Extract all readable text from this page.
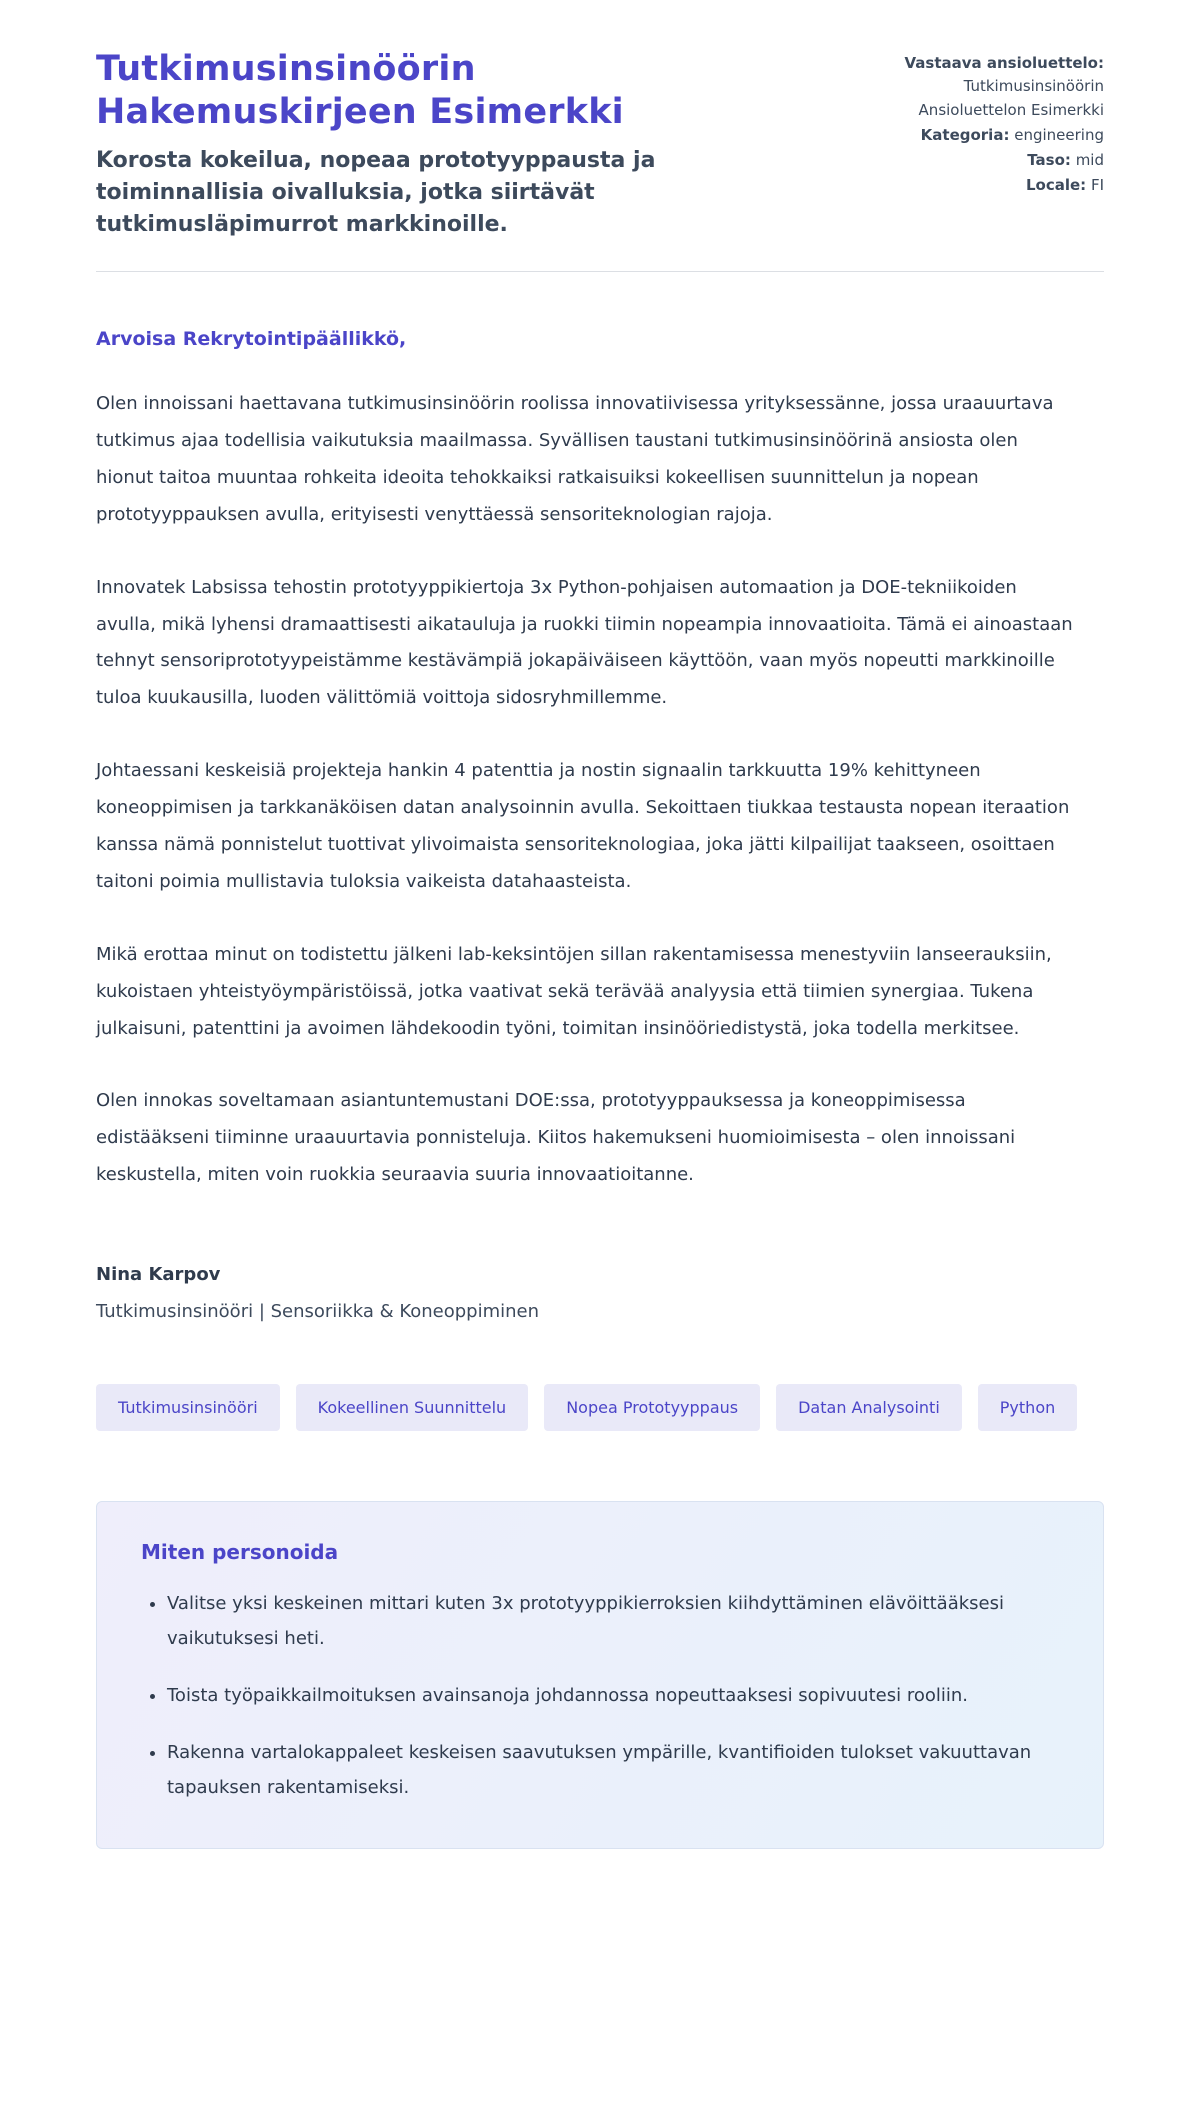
Tutkimusinsinöörin Hakemuskirjeen Esimerkki

Korosta kokeilua, nopeaa prototyyppausta ja toiminnallisia oivalluksia, jotka siirtävät tutkimusläpimurrot markkinoille.

Vastaava ansioluettelo: Tutkimusinsinöörin Ansioluettelon Esimerkki
Kategoria: engineering
Taso: mid
Locale: FI

Arvoisa Rekrytointipäällikkö,

Olen innoissani haettavana tutkimusinsinöörin roolissa innovatiivisessa yrityksessänne, jossa uraauurtava tutkimus ajaa todellisia vaikutuksia maailmassa. Syvällisen taustani tutkimusinsinöörinä ansiosta olen hionut taitoa muuntaa rohkeita ideoita tehokkaiksi ratkaisuiksi kokeellisen suunnittelun ja nopean prototyyppauksen avulla, erityisesti venyttäessä sensoriteknologian rajoja.

Innovatek Labsissa tehostin prototyyppikiertoja 3x Python-pohjaisen automaation ja DOE-tekniikoiden avulla, mikä lyhensi dramaattisesti aikatauluja ja ruokki tiimin nopeampia innovaatioita. Tämä ei ainoastaan tehnyt sensoriprototyypeistämme kestävämpiä jokapäiväiseen käyttöön, vaan myös nopeutti markkinoille tuloa kuukausilla, luoden välittömiä voittoja sidosryhmillemme.

Johtaessani keskeisiä projekteja hankin 4 patenttia ja nostin signaalin tarkkuutta 19% kehittyneen koneoppimisen ja tarkkanäköisen datan analysoinnin avulla. Sekoittaen tiukkaa testausta nopean iteraation kanssa nämä ponnistelut tuottivat ylivoimaista sensoriteknologiaa, joka jätti kilpailijat taakseen, osoittaen taitoni poimia mullistavia tuloksia vaikeista datahaasteista.

Mikä erottaa minut on todistettu jälkeni lab-keksintöjen sillan rakentamisessa menestyviin lanseerauksiin, kukoistaen yhteistyöympäristöissä, jotka vaativat sekä terävää analyysia että tiimien synergiaa. Tukena julkaisuni, patenttini ja avoimen lähdekoodin työni, toimitan insinööriedistystä, joka todella merkitsee.

Olen innokas soveltamaan asiantuntemustani DOE:ssa, prototyyppauksessa ja koneoppimisessa edistääkseni tiiminne uraauurtavia ponnisteluja. Kiitos hakemukseni huomioimisesta – olen innoissani keskustella, miten voin ruokkia seuraavia suuria innovaatioitanne.

Nina Karpov

Tutkimusinsinööri | Sensoriikka & Koneoppiminen

Tutkimusinsinööri	Kokeellinen Suunnittelu	Nopea Prototyyppaus	Datan Analysointi	Python
Miten personoida
• Valitse yksi keskeinen mittari kuten 3x prototyyppikierroksien kiihdyttäminen elävöittääksesi vaikutuksesi heti.
• Toista työpaikkailmoituksen avainsanoja johdannossa nopeuttaaksesi sopivuutesi rooliin.
• Rakenna vartalokappaleet keskeisen saavutuksen ympärille, kvantifioiden tulokset vakuuttavan tapauksen rakentamiseksi.
